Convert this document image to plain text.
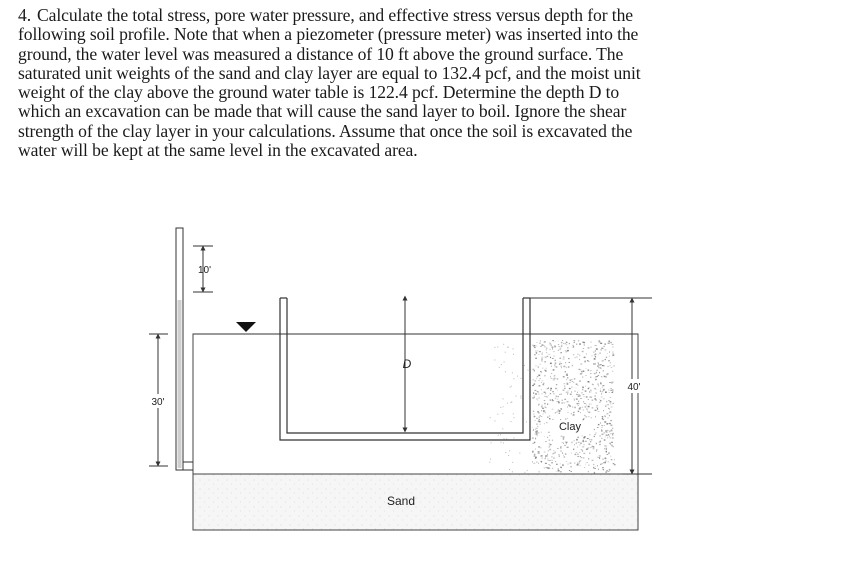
4. Calculate the total stress, pore water pressure, and effective stress versus depth for the
following soil profile. Note that when a piezometer (pressure meter) was inserted into the
ground, the water level was measured a distance of 10 ft above the ground surface. The
saturated unit weights of the sand and clay layer are equal to 132.4 pcf, and the moist unit
weight of the clay above the ground water table is 122.4 pcf. Determine the depth D to
which an excavation can be made that will cause the sand layer to boil. Ignore the shear
strength of the clay layer in your calculations. Assume that once the soil is excavated the
water will be kept at the same level in the excavated area.
D
10'
30'
40'
Clay
Sand
